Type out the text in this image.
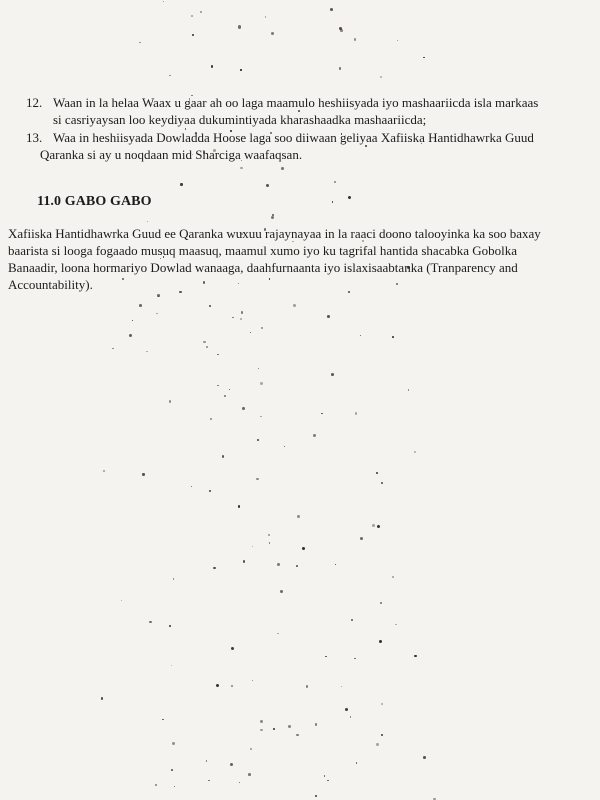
12. Waan in la helaa Waax u gaar ah oo laga maamulo heshiisyada iyo mashaariicda isla markaas
si casriyaysan loo keydiyaa dukumintiyada kharashaadka mashaariicda;
13. Waa in heshiisyada Dowladda Hoose laga soo diiwaan geliyaa Xafiiska Hantidhawrka Guud
Qaranka si ay u noqdaan mid Sharciga waafaqsan.
11.0 GABO GABO
Xafiiska Hantidhawrka Guud ee Qaranka wuxuu rajaynayaa in la raaci doono talooyinka ka soo baxay
baarista si looga fogaado musuq maasuq, maamul xumo iyo ku tagrifal hantida shacabka Gobolka
Banaadir, loona hormariyo Dowlad wanaaga, daahfurnaanta iyo islaxisaabtanka (Tranparency and
Accountability).
